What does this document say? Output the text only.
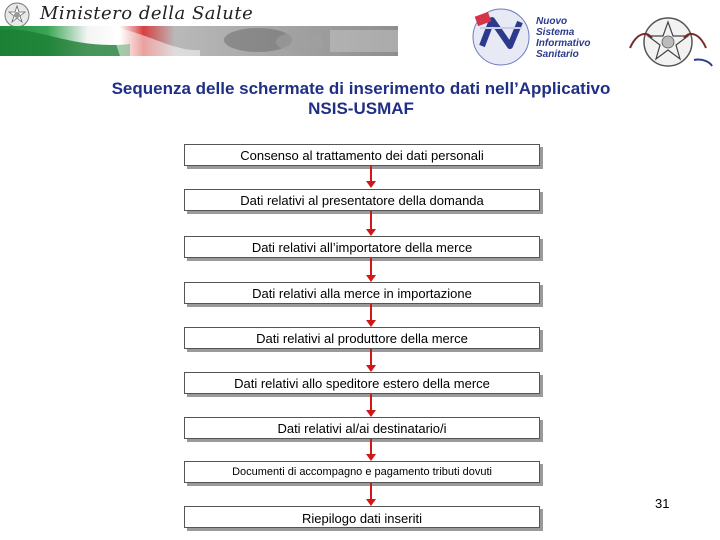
Ministero della Salute	Nuovo
Sistema
Informativo
Sanitario
Sequenza delle schermate di inserimento dati nell’Applicativo
NSIS-USMAF
Consenso al trattamento dei dati personali
Dati relativi al presentatore della domanda
Dati relativi all’importatore della merce
Dati relativi alla merce in importazione
Dati relativi al produttore della merce
Dati relativi allo speditore estero della merce
Dati relativi al/ai destinatario/i
Documenti di accompagno e pagamento tributi dovuti
Riepilogo dati inseriti
31
